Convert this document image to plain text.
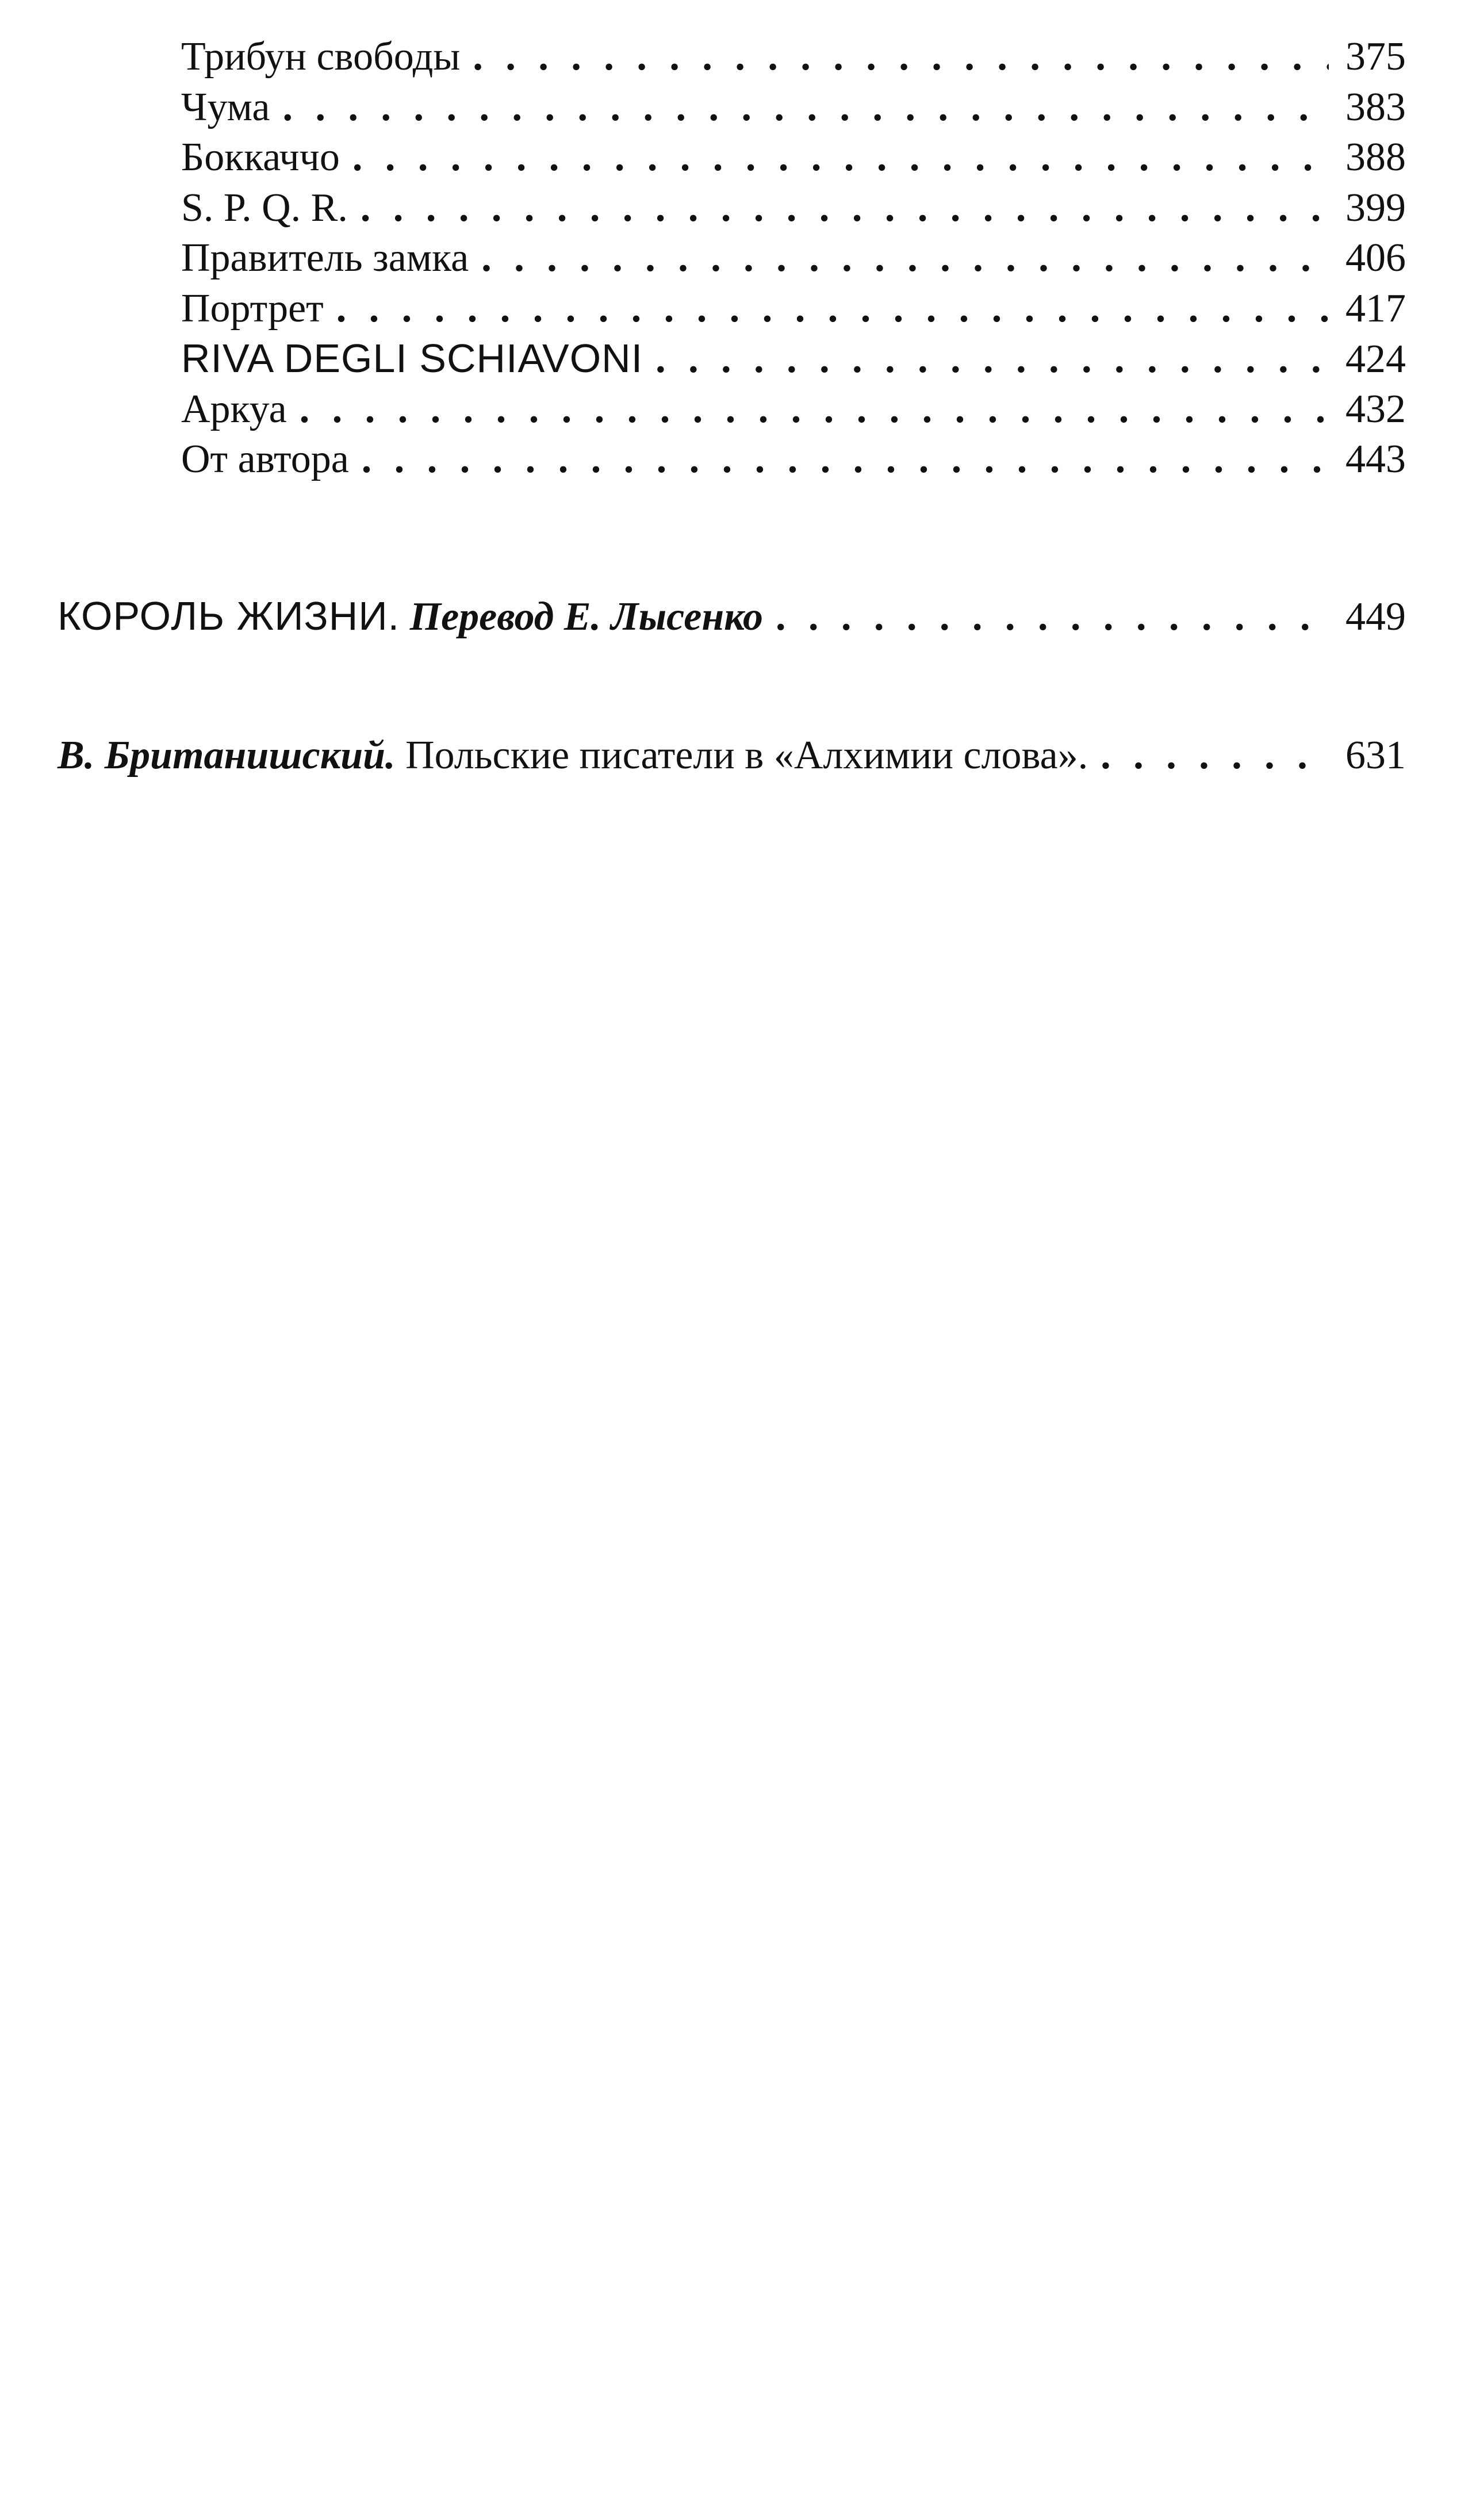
Трибун свободы . . .	375
Чума . . .	383
Боккаччо . . .	388
S. P. Q. R. . . .	399
Правитель замка . . .	406
Портрет . . .	417
RIVA DEGLI SCHIAVONI . . .	424
Аркуа . . .	432
От автора . . .	443
КОРОЛЬ ЖИЗНИ. Перевод Е. Лысенко . . .	449
В. Британишский. Польские писатели в «Алхимии слова». . . .	631
